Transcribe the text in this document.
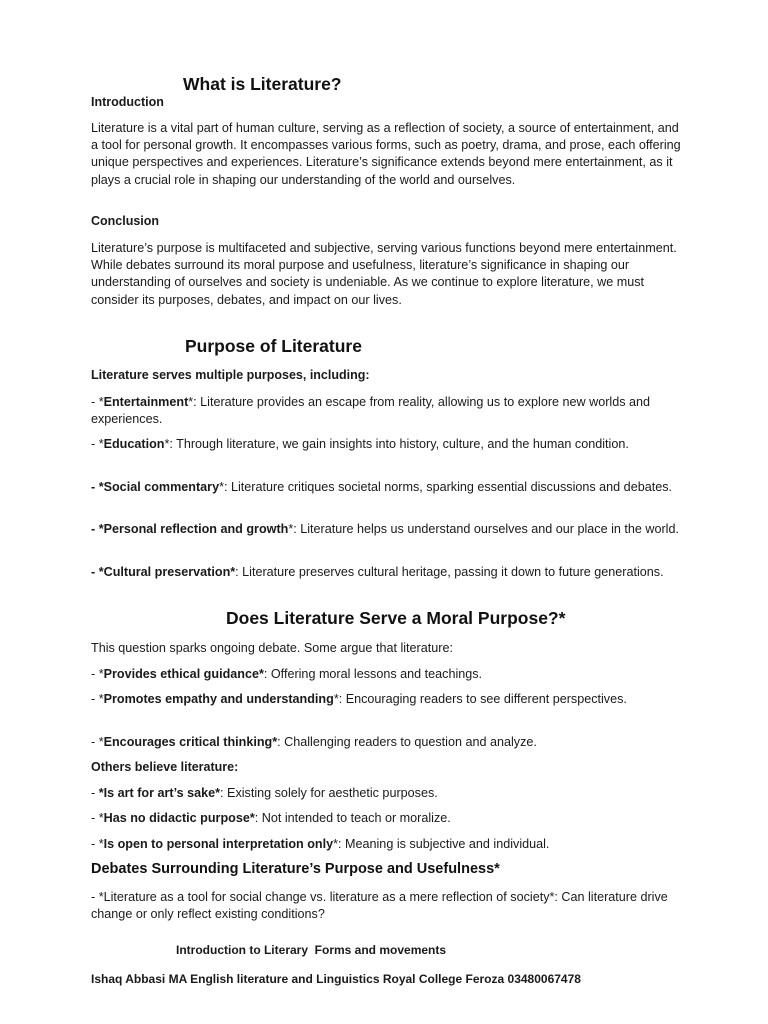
What is Literature?
Introduction

Literature is a vital part of human culture, serving as a reflection of society, a source of entertainment, and a tool for personal growth. It encompasses various forms, such as poetry, drama, and prose, each offering unique perspectives and experiences. Literature’s significance extends beyond mere entertainment, as it plays a crucial role in shaping our understanding of the world and ourselves.

Conclusion

Literature’s purpose is multifaceted and subjective, serving various functions beyond mere entertainment. While debates surround its moral purpose and usefulness, literature’s significance in shaping our understanding of ourselves and society is undeniable. As we continue to explore literature, we must consider its purposes, debates, and impact on our lives.

Purpose of Literature
Literature serves multiple purposes, including:

- *Entertainment*: Literature provides an escape from reality, allowing us to explore new worlds and experiences.

- *Education*: Through literature, we gain insights into history, culture, and the human condition.

- *Social commentary*: Literature critiques societal norms, sparking essential discussions and debates.

- *Personal reflection and growth*: Literature helps us understand ourselves and our place in the world.

- *Cultural preservation*: Literature preserves cultural heritage, passing it down to future generations.

Does Literature Serve a Moral Purpose?*

This question sparks ongoing debate. Some argue that literature:

- *Provides ethical guidance*: Offering moral lessons and teachings.

- *Promotes empathy and understanding*: Encouraging readers to see different perspectives.

- *Encourages critical thinking*: Challenging readers to question and analyze.

Others believe literature:

- *Is art for art’s sake*: Existing solely for aesthetic purposes.

- *Has no didactic purpose*: Not intended to teach or moralize.

- *Is open to personal interpretation only*: Meaning is subjective and individual.

Debates Surrounding Literature’s Purpose and Usefulness*

- *Literature as a tool for social change vs. literature as a mere reflection of society*: Can literature drive change or only reflect existing conditions?

Introduction to Literary  Forms and movements
Ishaq Abbasi MA English literature and Linguistics Royal College Feroza 03480067478
